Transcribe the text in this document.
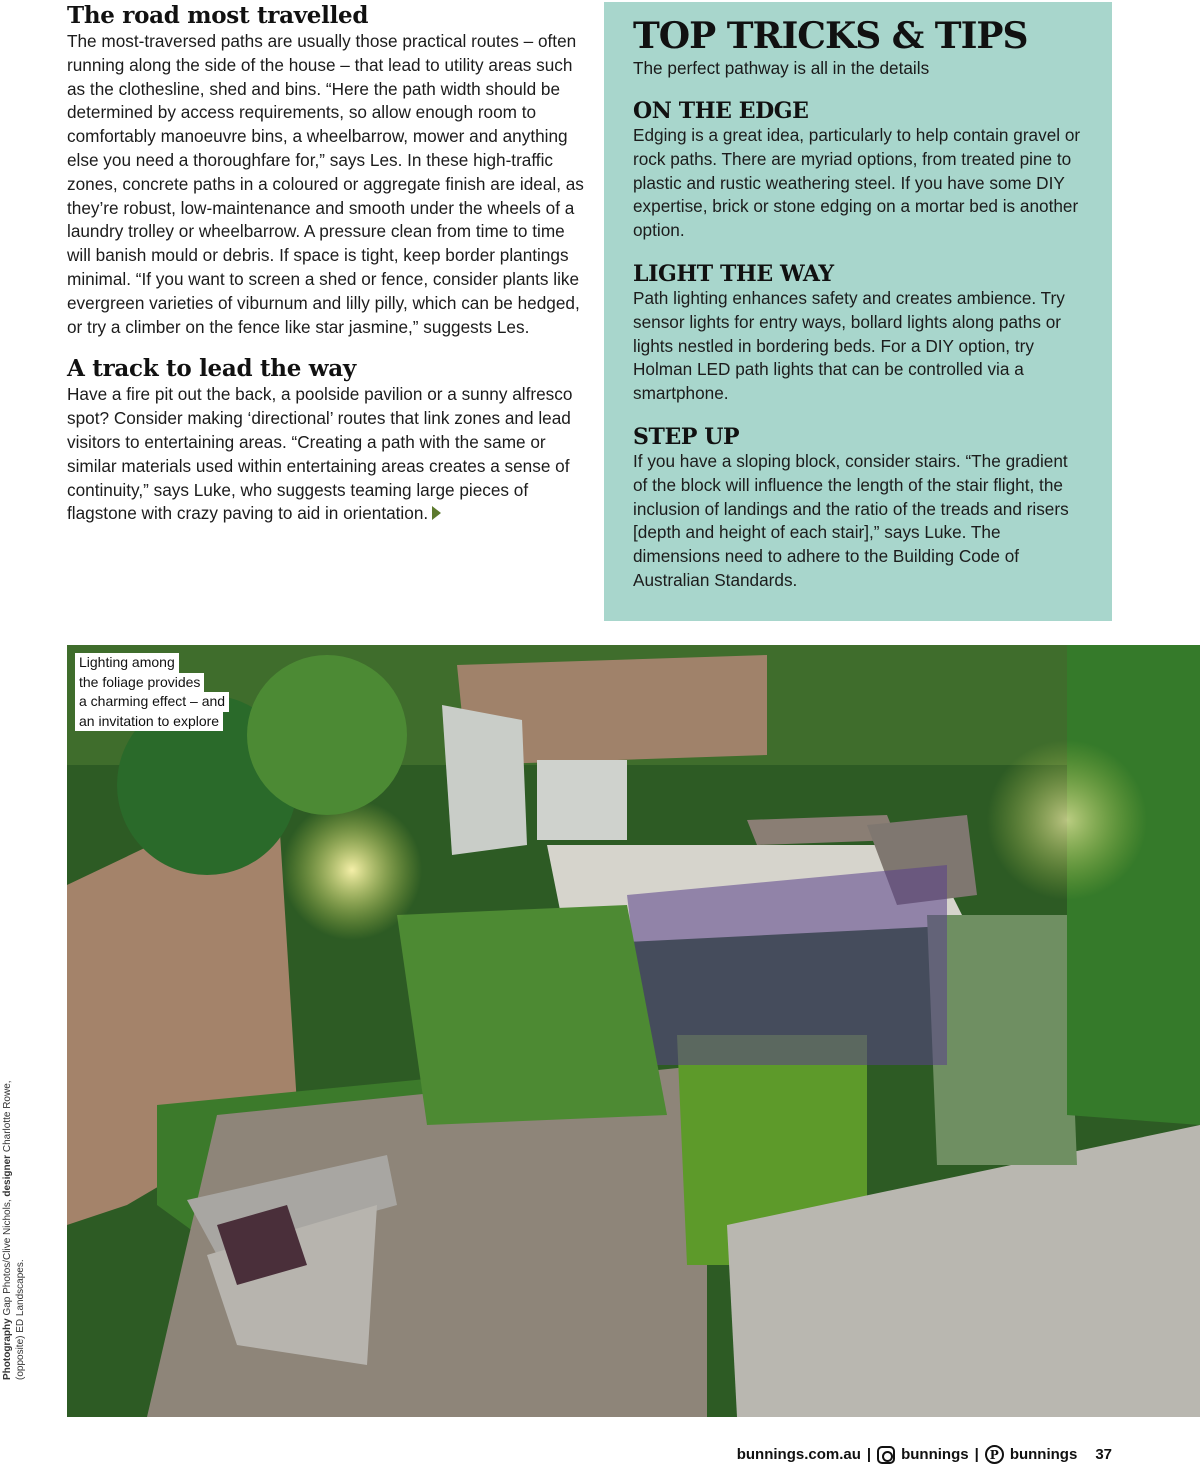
The road most travelled

The most-traversed paths are usually those practical routes – often running along the side of the house – that lead to utility areas such as the clothesline, shed and bins. “Here the path width should be determined by access requirements, so allow enough room to comfortably manoeuvre bins, a wheelbarrow, mower and anything else you need a thoroughfare for,” says Les. In these high-traffic zones, concrete paths in a coloured or aggregate finish are ideal, as they’re robust, low-maintenance and smooth under the wheels of a laundry trolley or wheelbarrow. A pressure clean from time to time will banish mould or debris. If space is tight, keep border plantings minimal. “If you want to screen a shed or fence, consider plants like evergreen varieties of viburnum and lilly pilly, which can be hedged, or try a climber on the fence like star jasmine,” suggests Les.

A track to lead the way

Have a fire pit out the back, a poolside pavilion or a sunny alfresco spot? Consider making ‘directional’ routes that link zones and lead visitors to entertaining areas. “Creating a path with the same or similar materials used within entertaining areas creates a sense of continuity,” says Luke, who suggests teaming large pieces of flagstone with crazy paving to aid in orientation.

TOP TRICKS & TIPS

The perfect pathway is all in the details

ON THE EDGE

Edging is a great idea, particularly to help contain gravel or rock paths. There are myriad options, from treated pine to plastic and rustic weathering steel. If you have some DIY expertise, brick or stone edging on a mortar bed is another option.

LIGHT THE WAY

Path lighting enhances safety and creates ambience. Try sensor lights for entry ways, bollard lights along paths or lights nestled in bordering beds. For a DIY option, try Holman LED path lights that can be controlled via a smartphone.

STEP UP

If you have a sloping block, consider stairs. “The gradient of the block will influence the length of the stair flight, the inclusion of landings and the ratio of the treads and risers [depth and height of each stair],” says Luke. The dimensions need to adhere to the Building Code of Australian Standards.

Lighting among
the foliage provides
a charming effect – and
an invitation to explore
Photography Gap Photos/Clive Nichols, designer Charlotte Rowe,
(opposite) ED Landscapes.
bunnings.com.au | bunnings | P bunnings 37
